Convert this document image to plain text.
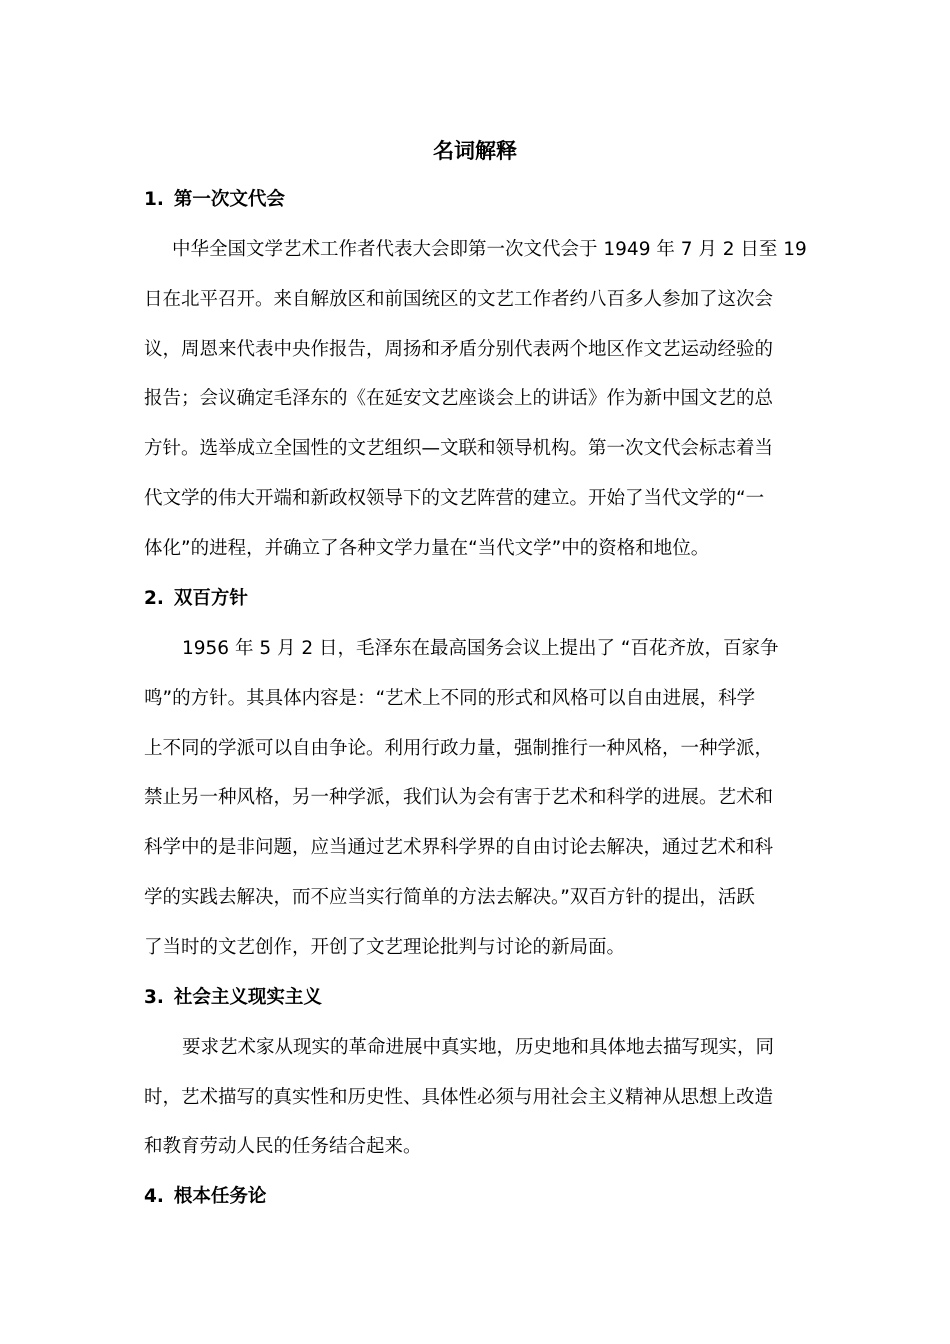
名词解释
1. 第一次文代会
中华全国文学艺术工作者代表大会即第一次文代会于 1949 年 7 月 2 日至 19
日在北平召开。来自解放区和前国统区的文艺工作者约八百多人参加了这次会
议，周恩来代表中央作报告，周扬和矛盾分别代表两个地区作文艺运动经验的
报告；会议确定毛泽东的《在延安文艺座谈会上的讲话》作为新中国文艺的总
方针。选举成立全国性的文艺组织—文联和领导机构。第一次文代会标志着当
代文学的伟大开端和新政权领导下的文艺阵营的建立。开始了当代文学的“一
体化”的进程，并确立了各种文学力量在“当代文学”中的资格和地位。
2. 双百方针
1956 年 5 月 2 日，毛泽东在最高国务会议上提出了 “百花齐放，百家争
鸣”的方针。其具体内容是：“艺术上不同的形式和风格可以自由进展，科学
上不同的学派可以自由争论。利用行政力量，强制推行一种风格，一种学派，
禁止另一种风格，另一种学派，我们认为会有害于艺术和科学的进展。艺术和
科学中的是非问题，应当通过艺术界科学界的自由讨论去解决，通过艺术和科
学的实践去解决，而不应当实行简单的方法去解决。”双百方针的提出，活跃
了当时的文艺创作，开创了文艺理论批判与讨论的新局面。
3. 社会主义现实主义
要求艺术家从现实的革命进展中真实地，历史地和具体地去描写现实，同
时，艺术描写的真实性和历史性、具体性必须与用社会主义精神从思想上改造
和教育劳动人民的任务结合起来。
4. 根本任务论
